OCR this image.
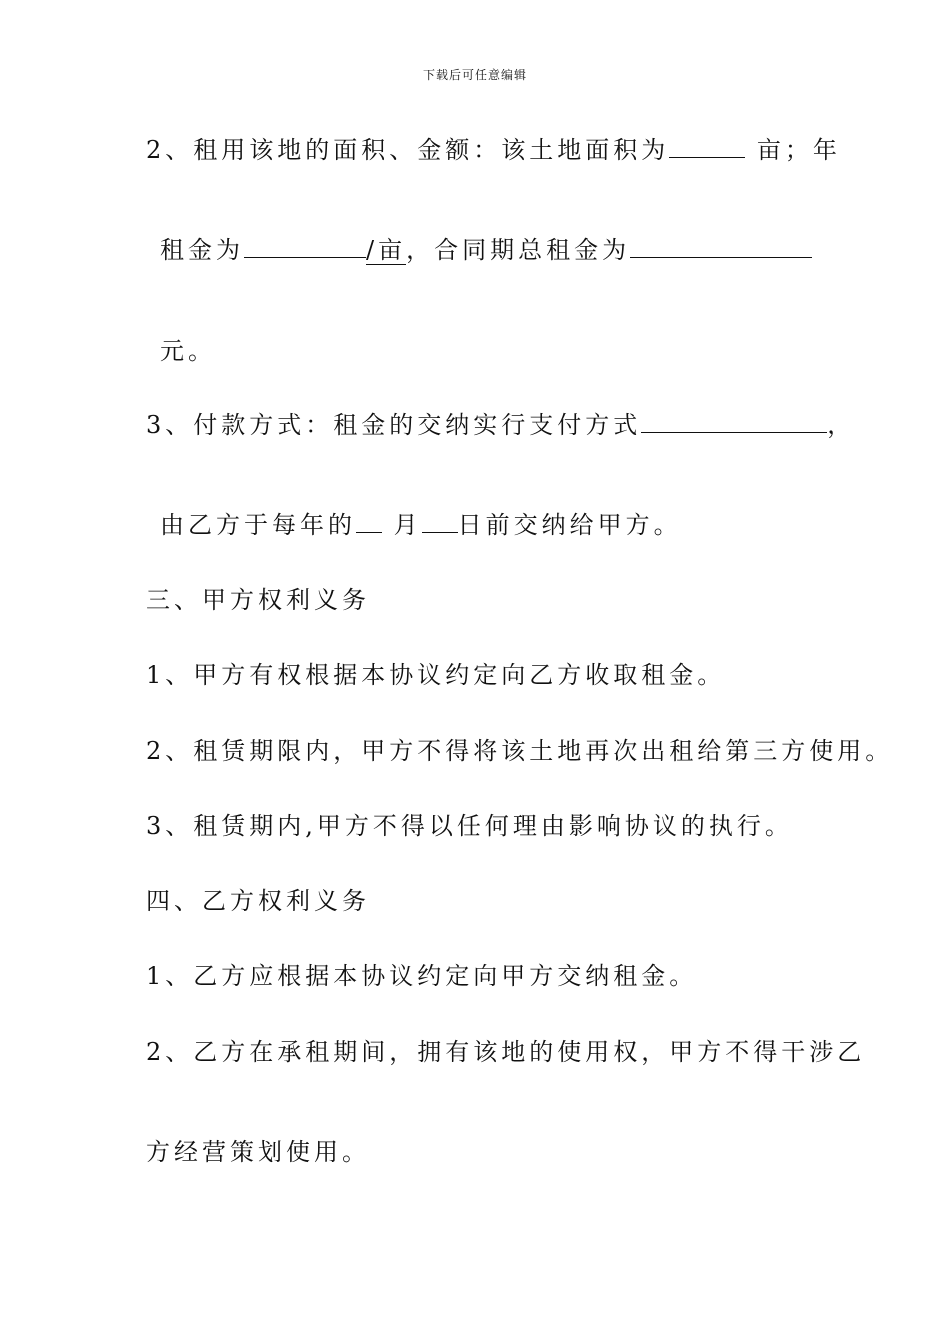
下载后可任意编辑
2、租用该地的面积、金额：该土地面积为	亩；年
租金为	/亩，合同期总租金为
元。
3、付款方式：租金的交纳实行支付方式	，
由乙方于每年的 月 日前交纳给甲方。
三、甲方权利义务
1、甲方有权根据本协议约定向乙方收取租金。
2、租赁期限内，甲方不得将该土地再次出租给第三方使用。
3、租赁期内,甲方不得以任何理由影响协议的执行。
四、乙方权利义务
1、乙方应根据本协议约定向甲方交纳租金。
2、乙方在承租期间，拥有该地的使用权，甲方不得干涉乙
方经营策划使用。
